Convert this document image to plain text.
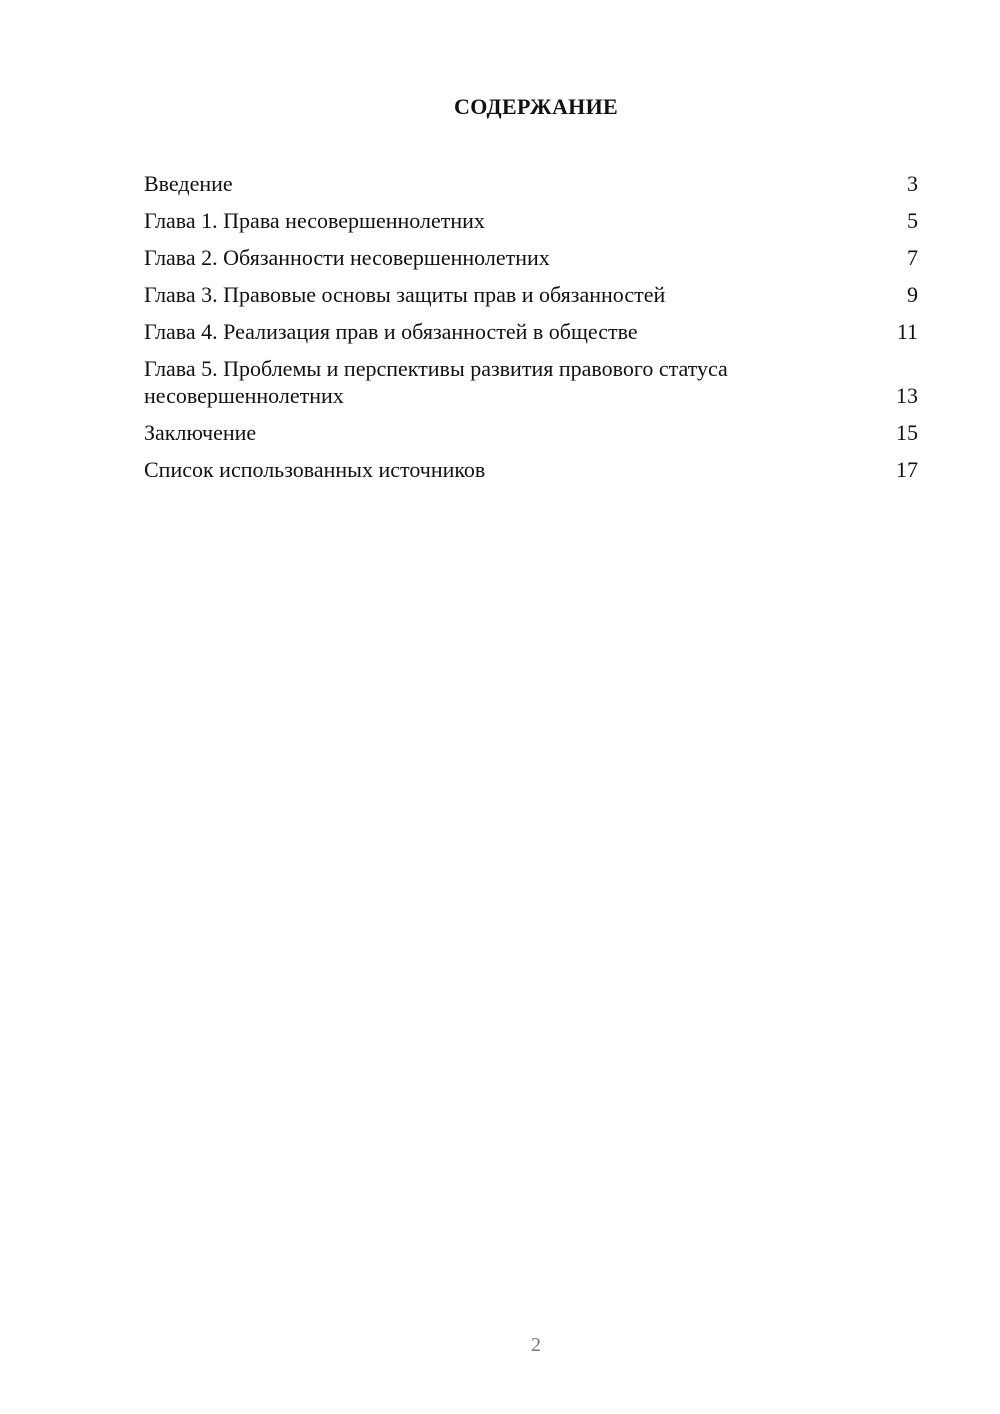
СОДЕРЖАНИЕ
Введение	3
Глава 1. Права несовершеннолетних	5
Глава 2. Обязанности несовершеннолетних	7
Глава 3. Правовые основы защиты прав и обязанностей	9
Глава 4. Реализация прав и обязанностей в обществе	11
Глава 5. Проблемы и перспективы развития правового статуса несовершеннолетних	13
Заключение	15
Список использованных источников	17
2
